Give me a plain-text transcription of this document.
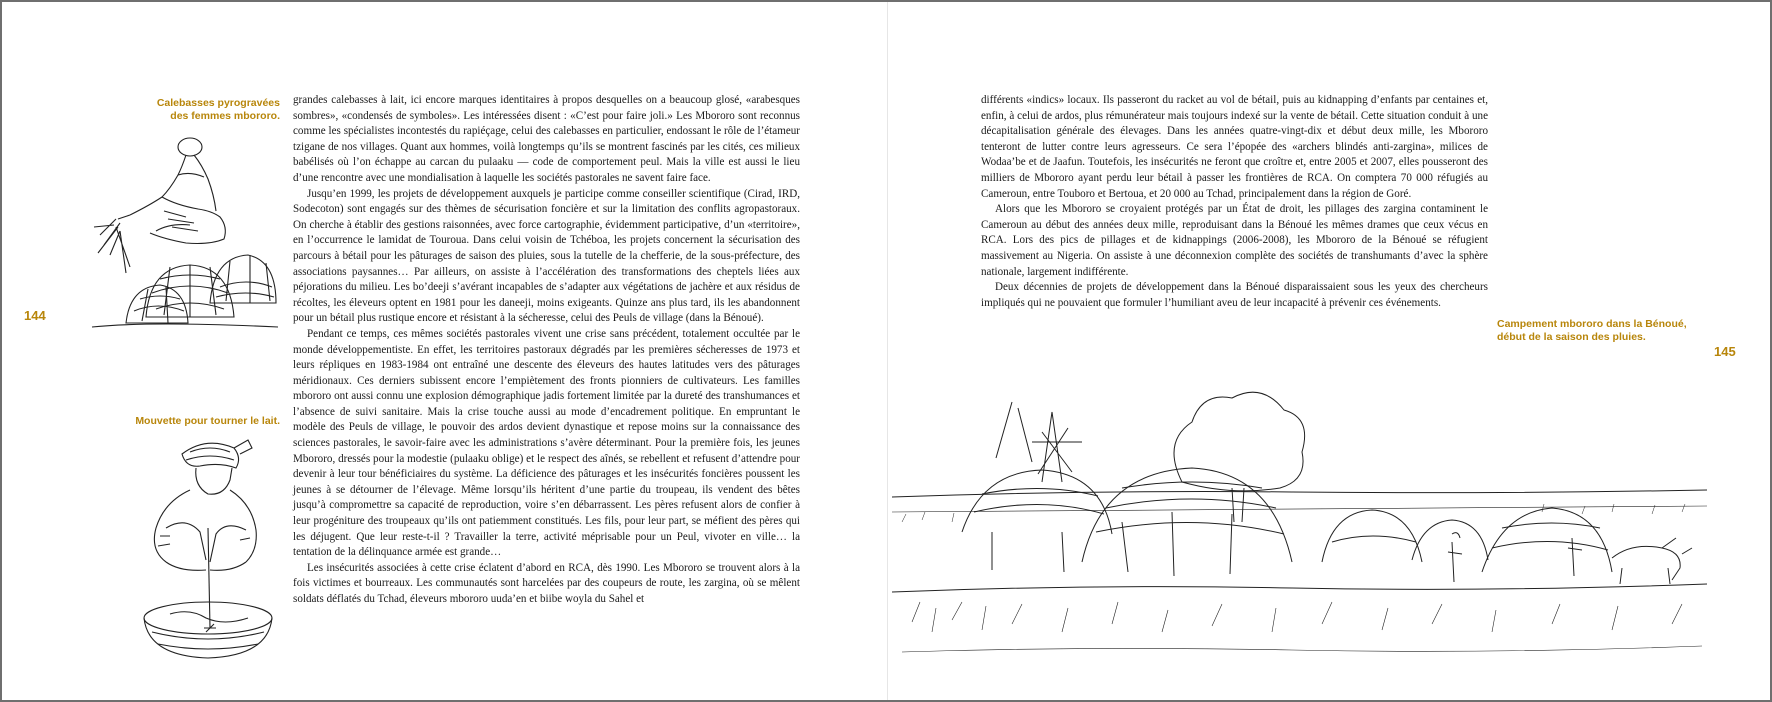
Calebasses pyrogravées
des femmes mbororo.
144
Mouvette pour tourner le lait.

grandes calebasses à lait, ici encore marques identitaires à propos desquelles on a beaucoup glosé, «arabesques sombres», «condensés de symboles». Les intéressées disent : «C’est pour faire joli.» Les Mbororo sont reconnus comme les spécialistes incontestés du rapiéçage, celui des calebasses en particulier, endossant le rôle de l’étameur tzigane de nos villages. Quant aux hommes, voilà longtemps qu’ils se montrent fascinés par les cités, ces milieux babélisés où l’on échappe au carcan du pulaaku — code de comportement peul. Mais la ville est aussi le lieu d’une rencontre avec une mondialisation à laquelle les sociétés pastorales ne savent faire face.

Jusqu’en 1999, les projets de développement auxquels je participe comme conseiller scientifique (Cirad, IRD, Sodecoton) sont engagés sur des thèmes de sécurisation foncière et sur la limitation des conflits agropastoraux. On cherche à établir des gestions raisonnées, avec force cartographie, évidemment participative, d’un «territoire», en l’occurrence le lamidat de Touroua. Dans celui voisin de Tchéboa, les projets concernent la sécurisation des parcours à bétail pour les pâturages de saison des pluies, sous la tutelle de la chefferie, de la sous-préfecture, des associations paysannes… Par ailleurs, on assiste à l’accélération des transformations des cheptels liées aux péjorations du milieu. Les bo’deeji s’avérant incapables de s’adapter aux végétations de jachère et aux résidus de récoltes, les éleveurs optent en 1981 pour les daneeji, moins exigeants. Quinze ans plus tard, ils les abandonnent pour un bétail plus rustique encore et résistant à la sécheresse, celui des Peuls de village (dans la Bénoué).

Pendant ce temps, ces mêmes sociétés pastorales vivent une crise sans précédent, totalement occultée par le monde développementiste. En effet, les territoires pastoraux dégradés par les premières sécheresses de 1973 et leurs répliques en 1983-1984 ont entraîné une descente des éleveurs des hautes latitudes vers des pâturages méridionaux. Ces derniers subissent encore l’empiètement des fronts pionniers de cultivateurs. Les familles mbororo ont aussi connu une explosion démographique jadis fortement limitée par la dureté des transhumances et l’absence de suivi sanitaire. Mais la crise touche aussi au mode d’encadrement politique. En empruntant le modèle des Peuls de village, le pouvoir des ardos devient dynastique et repose moins sur la connaissance des sciences pastorales, le savoir-faire avec les administrations s’avère déterminant. Pour la première fois, les jeunes Mbororo, dressés pour la modestie (pulaaku oblige) et le respect des aînés, se rebellent et refusent d’attendre pour devenir à leur tour bénéficiaires du système. La déficience des pâturages et les insécurités foncières poussent les jeunes à se détourner de l’élevage. Même lorsqu’ils héritent d’une partie du troupeau, ils vendent des bêtes jusqu’à compromettre sa capacité de reproduction, voire s’en débarrassent. Les pères refusent alors de confier à leur progéniture des troupeaux qu’ils ont patiemment constitués. Les fils, pour leur part, se méfient des pères qui les déjugent. Que leur reste-t-il ? Travailler la terre, activité méprisable pour un Peul, vivoter en ville… la tentation de la délinquance armée est grande…

Les insécurités associées à cette crise éclatent d’abord en RCA, dès 1990. Les Mbororo se trouvent alors à la fois victimes et bourreaux. Les communautés sont harcelées par des coupeurs de route, les zargina, où se mêlent soldats déflatés du Tchad, éleveurs mbororo uuda’en et biibe woyla du Sahel et

différents «indics» locaux. Ils passeront du racket au vol de bétail, puis au kidnapping d’enfants par centaines et, enfin, à celui de ardos, plus rémunérateur mais toujours indexé sur la vente de bétail. Cette situation conduit à une décapitalisation générale des élevages. Dans les années quatre-vingt-dix et début deux mille, les Mbororo tenteront de lutter contre leurs agresseurs. Ce sera l’épopée des «archers blindés anti-zargina», milices de Wodaa’be et de Jaafun. Toutefois, les insécurités ne feront que croître et, entre 2005 et 2007, elles pousseront des milliers de Mbororo ayant perdu leur bétail à passer les frontières de RCA. On comptera 70 000 réfugiés au Cameroun, entre Touboro et Bertoua, et 20 000 au Tchad, principalement dans la région de Goré.

Alors que les Mbororo se croyaient protégés par un État de droit, les pillages des zargina contaminent le Cameroun au début des années deux mille, reproduisant dans la Bénoué les mêmes drames que ceux vécus en RCA. Lors des pics de pillages et de kidnappings (2006-2008), les Mbororo de la Bénoué se réfugient massivement au Nigeria. On assiste à une déconnexion complète des sociétés de transhumants d’avec la sphère nationale, largement indifférente.

Deux décennies de projets de développement dans la Bénoué disparaissaient sous les yeux des chercheurs impliqués qui ne pouvaient que formuler l’humiliant aveu de leur incapacité à prévenir ces événements.

Campement mbororo dans la Bénoué,
début de la saison des pluies.
145
